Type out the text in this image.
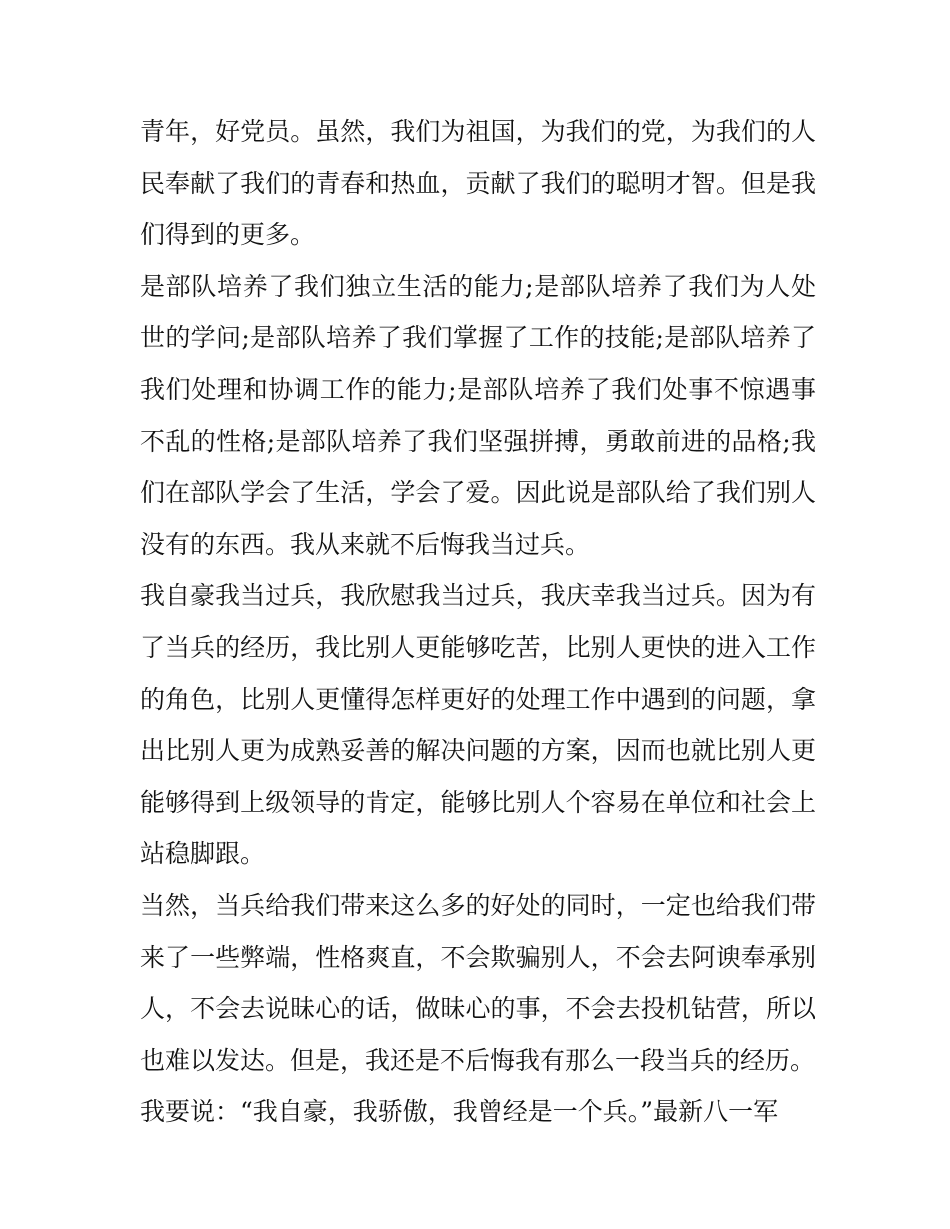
青年，好党员。虽然，我们为祖国，为我们的党，为我们的人民奉献了我们的青春和热血，贡献了我们的聪明才智。但是我们得到的更多。

是部队培养了我们独立生活的能力;是部队培养了我们为人处世的学问;是部队培养了我们掌握了工作的技能;是部队培养了我们处理和协调工作的能力;是部队培养了我们处事不惊遇事不乱的性格;是部队培养了我们坚强拼搏，勇敢前进的品格;我们在部队学会了生活，学会了爱。因此说是部队给了我们别人没有的东西。我从来就不后悔我当过兵。

我自豪我当过兵，我欣慰我当过兵，我庆幸我当过兵。因为有了当兵的经历，我比别人更能够吃苦，比别人更快的进入工作的角色，比别人更懂得怎样更好的处理工作中遇到的问题，拿出比别人更为成熟妥善的解决问题的方案，因而也就比别人更能够得到上级领导的肯定，能够比别人个容易在单位和社会上站稳脚跟。

当然，当兵给我们带来这么多的好处的同时，一定也给我们带来了一些弊端，性格爽直，不会欺骗别人，不会去阿谀奉承别人，不会去说昧心的话，做昧心的事，不会去投机钻营，所以也难以发达。但是，我还是不后悔我有那么一段当兵的经历。

我要说：“我自豪，我骄傲，我曾经是一个兵。”最新八一军
